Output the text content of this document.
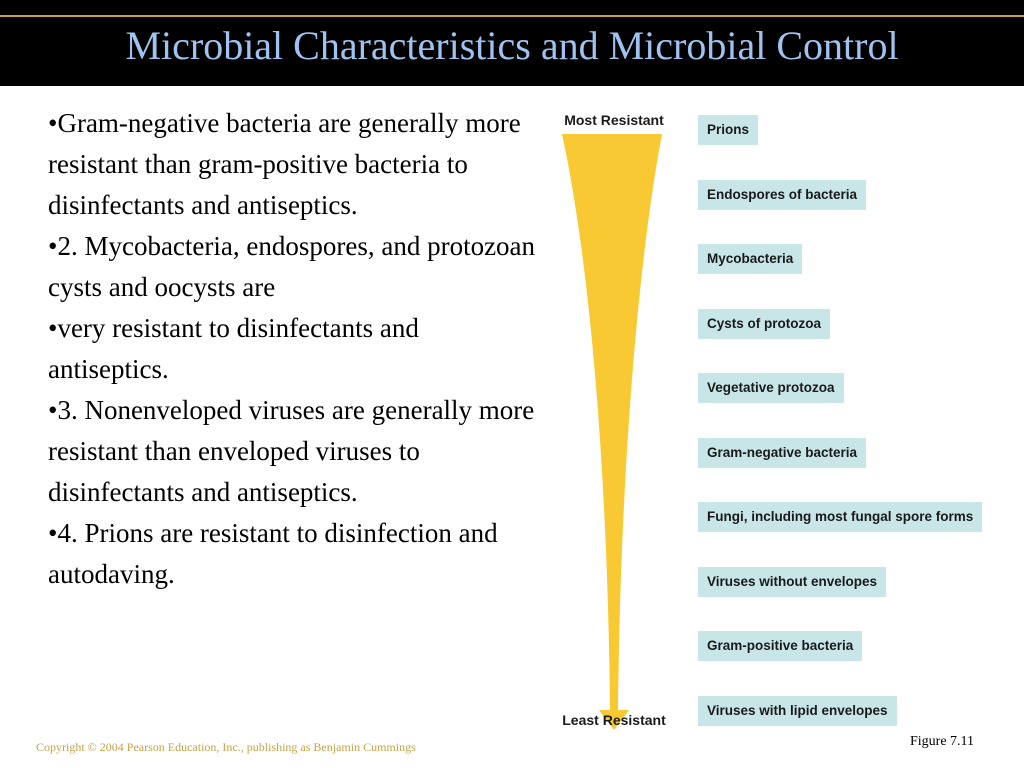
Microbial Characteristics and Microbial Control

•Gram-negative bacteria are generally more resistant than gram-positive bacteria to disinfectants and antiseptics.

•2. Mycobacteria, endospores, and protozoan cysts and oocysts are

•very resistant to disinfectants and antiseptics.

•3. Nonenveloped viruses are generally more resistant than enveloped viruses to disinfectants and antiseptics.

•4. Prions are resistant to disinfection and autodaving.

Most Resistant
Least Resistant
Prions
Endospores of bacteria
Mycobacteria
Cysts of protozoa
Vegetative protozoa
Gram-negative bacteria
Fungi, including most fungal spore forms
Viruses without envelopes
Gram-positive bacteria
Viruses with lipid envelopes
Copyright © 2004 Pearson Education, Inc., publishing as Benjamin Cummings	Figure 7.11
